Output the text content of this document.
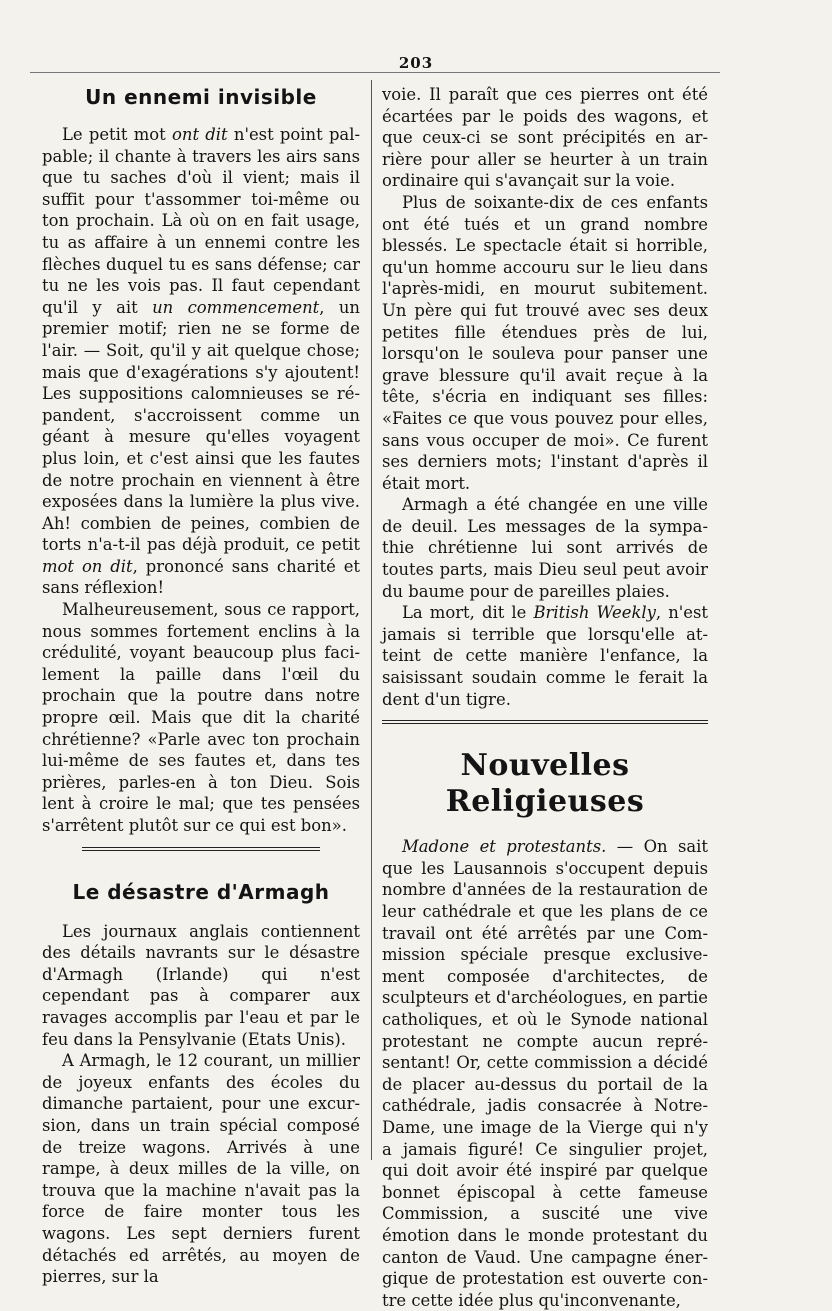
203
Un ennemi invisible

Le petit mot ont dit n'est point palpable; il chante à travers les airs sans que tu saches d'où il vient; mais il suffit pour t'assommer toi-même ou ton prochain. Là où on en fait usage, tu as affaire à un ennemi contre les flèches duquel tu es sans défense; car tu ne les vois pas. Il faut cependant qu'il y ait un commencement, un premier motif; rien ne se forme de l'air. — Soit, qu'il y ait quelque chose; mais que d'exagérations s'y ajoutent! Les suppositions calomnieuses se répandent, s'accroissent comme un géant à mesure qu'elles voyagent plus loin, et c'est ainsi que les fautes de notre prochain en viennent à être exposées dans la lumière la plus vive. Ah! combien de peines, combien de torts n'a-t-il pas déjà produit, ce petit mot on dit, prononcé sans charité et sans réflexion!

Malheureusement, sous ce rapport, nous sommes fortement enclins à la crédulité, voyant beaucoup plus facilement la paille dans l'œil du prochain que la poutre dans notre propre œil. Mais que dit la charité chrétienne? «Parle avec ton prochain lui-même de ses fautes et, dans tes prières, parles-en à ton Dieu. Sois lent à croire le mal; que tes pensées s'arrêtent plutôt sur ce qui est bon».

Le désastre d'Armagh

Les journaux anglais contiennent des détails navrants sur le désastre d'Armagh (Irlande) qui n'est cependant pas à comparer aux ravages accomplis par l'eau et par le feu dans la Pensylvanie (Etats Unis).

A Armagh, le 12 courant, un millier de joyeux enfants des écoles du dimanche partaient, pour une excursion, dans un train spécial composé de treize wagons. Arrivés à une rampe, à deux milles de la ville, on trouva que la machine n'avait pas la force de faire monter tous les wagons. Les sept derniers furent détachés ed arrêtés, au moyen de pierres, sur la

voie. Il paraît que ces pierres ont été écartées par le poids des wagons, et que ceux-ci se sont précipités en arrière pour aller se heurter à un train ordinaire qui s'avançait sur la voie.

Plus de soixante-dix de ces enfants ont été tués et un grand nombre blessés. Le spectacle était si horrible, qu'un homme accouru sur le lieu dans l'après-midi, en mourut subitement. Un père qui fut trouvé avec ses deux petites fille étendues près de lui, lorsqu'on le souleva pour panser une grave blessure qu'il avait reçue à la tête, s'écria en indiquant ses filles: «Faites ce que vous pouvez pour elles, sans vous occuper de moi». Ce furent ses derniers mots; l'instant d'après il était mort.

Armagh a été changée en une ville de deuil. Les messages de la sympathie chrétienne lui sont arrivés de toutes parts, mais Dieu seul peut avoir du baume pour de pareilles plaies.

La mort, dit le British Weekly, n'est jamais si terrible que lorsqu'elle atteint de cette manière l'enfance, la saisissant soudain comme le ferait la dent d'un tigre.

Nouvelles Religieuses

Madone et protestants. — On sait que les Lausannois s'occupent depuis nombre d'années de la restauration de leur cathédrale et que les plans de ce travail ont été arrêtés par une Commission spéciale presque exclusivement composée d'architectes, de sculpteurs et d'archéologues, en partie catholiques, et où le Synode national protestant ne compte aucun représentant! Or, cette commission a décidé de placer au-dessus du portail de la cathédrale, jadis consacrée à Notre-Dame, une image de la Vierge qui n'y a jamais figuré! Ce singulier projet, qui doit avoir été inspiré par quelque bonnet épiscopal à cette fameuse Commission, a suscité une vive émotion dans le monde protestant du canton de Vaud. Une campagne énergique de protestation est ouverte contre cette idée plus qu'inconvenante,
